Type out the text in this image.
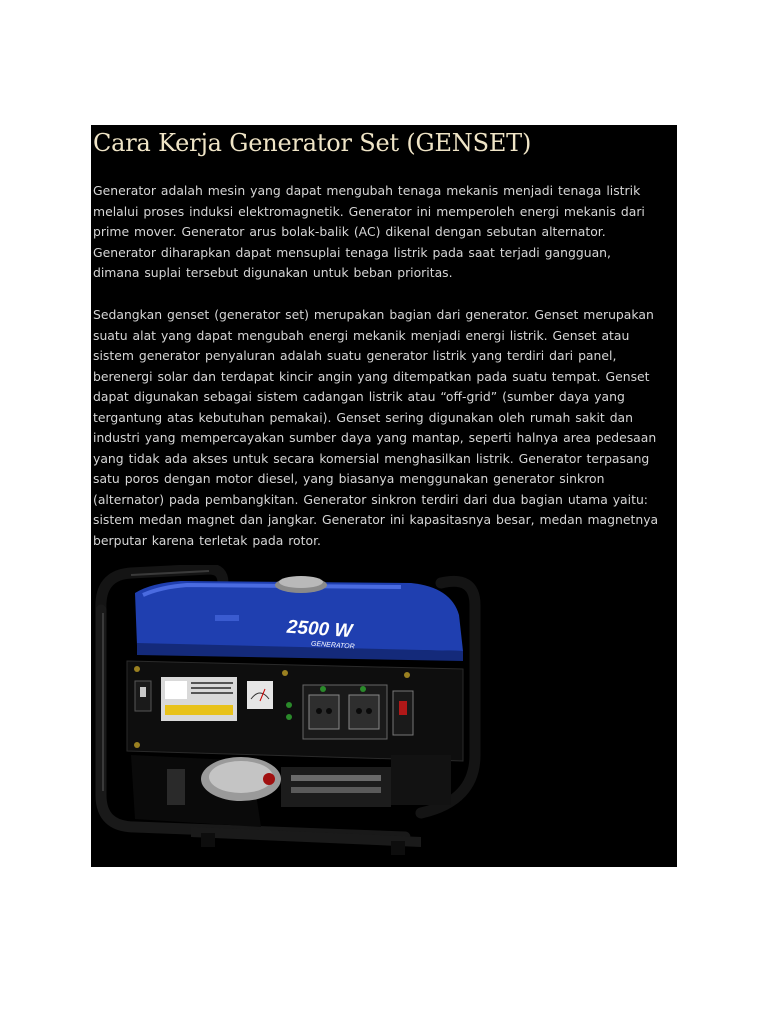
Cara Kerja Generator Set (GENSET)

Generator adalah mesin yang dapat mengubah tenaga mekanis menjadi tenaga listrik
melalui proses induksi elektromagnetik. Generator ini memperoleh energi mekanis dari
prime mover. Generator arus bolak-balik (AC) dikenal dengan sebutan alternator.
Generator diharapkan dapat mensuplai tenaga listrik pada saat terjadi gangguan,
dimana suplai tersebut digunakan untuk beban prioritas.

Sedangkan genset (generator set) merupakan bagian dari generator. Genset merupakan
suatu alat yang dapat mengubah energi mekanik menjadi energi listrik. Genset atau
sistem generator penyaluran adalah suatu generator listrik yang terdiri dari panel,
berenergi solar dan terdapat kincir angin yang ditempatkan pada suatu tempat. Genset
dapat digunakan sebagai sistem cadangan listrik atau “off-grid” (sumber daya yang
tergantung atas kebutuhan pemakai). Genset sering digunakan oleh rumah sakit dan
industri yang mempercayakan sumber daya yang mantap, seperti halnya area pedesaan
yang tidak ada akses untuk secara komersial menghasilkan listrik. Generator terpasang
satu poros dengan motor diesel, yang biasanya menggunakan generator sinkron
(alternator) pada pembangkitan. Generator sinkron terdiri dari dua bagian utama yaitu:
sistem medan magnet dan jangkar. Generator ini kapasitasnya besar, medan magnetnya
berputar karena terletak pada rotor.

2500 W
GENERATOR
